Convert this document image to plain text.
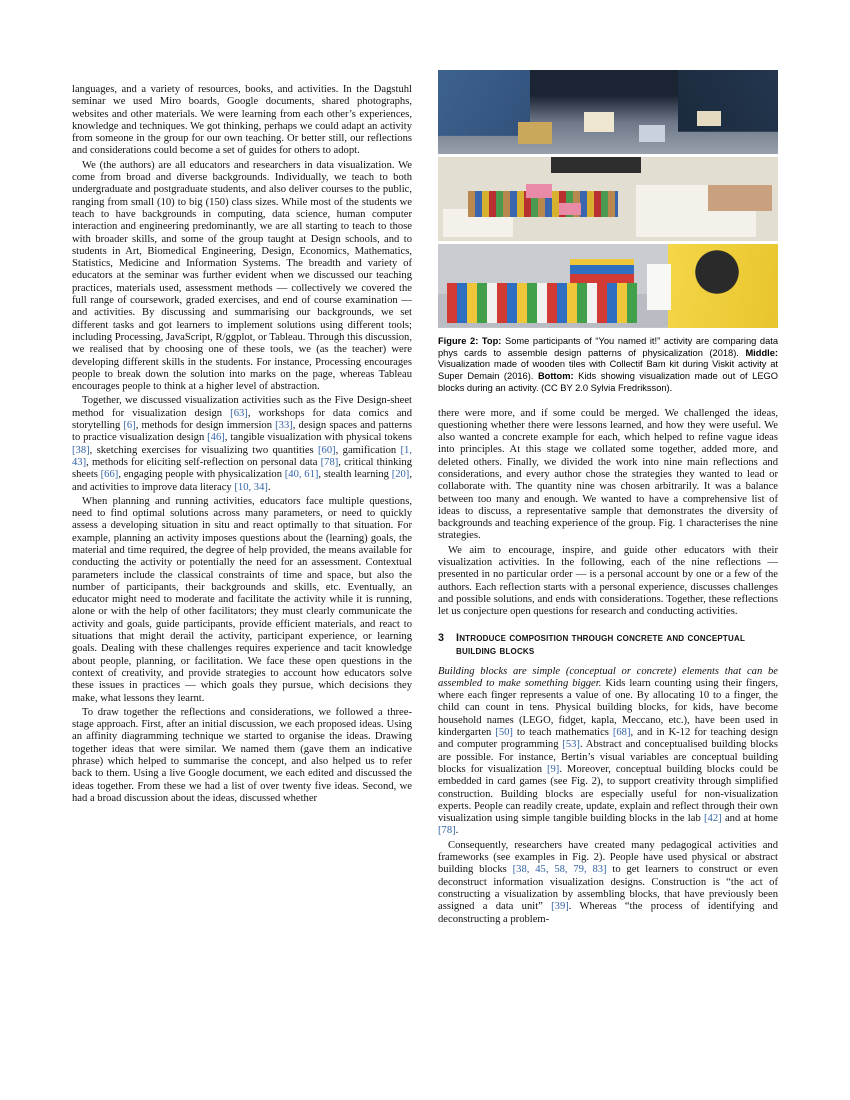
languages, and a variety of resources, books, and activities. In the Dagstuhl seminar we used Miro boards, Google documents, shared photographs, websites and other materials. We were learning from each other’s experiences, knowledge and techniques. We got thinking, perhaps we could adapt an activity from someone in the group for our own teaching. Or better still, our reflections and considerations could become a set of guides for others to adopt.

We (the authors) are all educators and researchers in data visualization. We come from broad and diverse backgrounds. Individually, we teach to both undergraduate and postgraduate students, and also deliver courses to the public, ranging from small (10) to big (150) class sizes. While most of the students we teach to have backgrounds in computing, data science, human computer interaction and engineering predominantly, we are all starting to teach to those with broader skills, and some of the group taught at Design schools, and to students in Art, Biomedical Engineering, Design, Economics, Mathematics, Statistics, Medicine and Information Systems. The breadth and variety of educators at the seminar was further evident when we discussed our teaching practices, materials used, assessment methods — collectively we covered the full range of coursework, graded exercises, and end of course examination — and activities. By discussing and summarising our backgrounds, we set different tasks and got learners to implement solutions using different tools; including Processing, JavaScript, R/ggplot, or Tableau. Through this discussion, we realised that by choosing one of these tools, we (as the teacher) were developing different skills in the students. For instance, Processing encourages people to break down the solution into marks on the page, whereas Tableau encourages people to think at a higher level of abstraction.

Together, we discussed visualization activities such as the Five Design-sheet method for visualization design [63], workshops for data comics and storytelling [6], methods for design immersion [33], design spaces and patterns to practice visualization design [46], tangible visualization with physical tokens [38], sketching exercises for visualizing two quantities [60], gamification [1, 43], methods for eliciting self-reflection on personal data [78], critical thinking sheets [66], engaging people with physicalization [40, 61], stealth learning [20], and activities to improve data literacy [10, 34].

When planning and running activities, educators face multiple questions, need to find optimal solutions across many parameters, or need to quickly assess a developing situation in situ and react optimally to that situation. For example, planning an activity imposes questions about the (learning) goals, the material and time required, the degree of help provided, the means available for conducting the activity or potentially the need for an assessment. Contextual parameters include the classical constraints of time and space, but also the number of participants, their backgrounds and skills, etc. Eventually, an educator might need to moderate and facilitate the activity while it is running, alone or with the help of other facilitators; they must clearly communicate the activity and goals, guide participants, provide efficient materials, and react to situations that might derail the activity, participant experience, or learning goals. Dealing with these challenges requires experience and tacit knowledge about people, planning, or facilitation. We face these open questions in the context of creativity, and provide strategies to account how educators solve these issues in practices — which goals they pursue, which decisions they make, what lessons they learnt.

To draw together the reflections and considerations, we followed a three-stage approach. First, after an initial discussion, we each proposed ideas. Using an affinity diagramming technique we started to organise the ideas. Drawing together ideas that were similar. We named them (gave them an indicative phrase) which helped to summarise the concept, and also helped us to refer back to them. Using a live Google document, we each edited and discussed the ideas together. From these we had a list of over twenty five ideas. Second, we had a broad discussion about the ideas, discussed whether

Figure 2: Top: Some participants of “You named it!” activity are comparing data phys cards to assemble design patterns of physicalization (2018). Middle: Visualization made of wooden tiles with Collectif Bam kit during Viskit activity at Super Demain (2016). Bottom: Kids showing visualization made out of LEGO blocks during an activity. (CC BY 2.0 Sylvia Fredriksson).

there were more, and if some could be merged. We challenged the ideas, questioning whether there were lessons learned, and how they were useful. We also wanted a concrete example for each, which helped to refine vague ideas into principles. At this stage we collated some together, added more, and deleted others. Finally, we divided the work into nine main reflections and considerations, and every author chose the strategies they wanted to lead or collaborate with. The quantity nine was chosen arbitrarily. It was a balance between too many and enough. We wanted to have a comprehensive list of ideas to discuss, a representative sample that demonstrates the diversity of backgrounds and teaching experience of the group. Fig. 1 characterises the nine strategies.

We aim to encourage, inspire, and guide other educators with their visualization activities. In the following, each of the nine reflections — presented in no particular order — is a personal account by one or a few of the authors. Each reflection starts with a personal experience, discusses challenges and possible solutions, and ends with considerations. Together, these reflections let us conjecture open questions for research and conducting activities.

3	Introduce composition through concrete and conceptual building blocks

Building blocks are simple (conceptual or concrete) elements that can be assembled to make something bigger. Kids learn counting using their fingers, where each finger represents a value of one. By allocating 10 to a finger, the child can count in tens. Physical building blocks, for kids, have become household names (LEGO, fidget, kapla, Meccano, etc.), have been used in kindergarten [50] to teach mathematics [68], and in K-12 for teaching design and computer programming [53]. Abstract and conceptualised building blocks are possible. For instance, Bertin’s visual variables are conceptual building blocks for visualization [9]. Moreover, conceptual building blocks could be embedded in card games (see Fig. 2), to support creativity through simplified construction. Building blocks are especially useful for non-visualization experts. People can readily create, update, explain and reflect through their own visualization using simple tangible building blocks in the lab [42] and at home [78].

Consequently, researchers have created many pedagogical activities and frameworks (see examples in Fig. 2). People have used physical or abstract building blocks [38, 45, 58, 79, 83] to get learners to construct or even deconstruct information visualization designs. Construction is “the act of constructing a visualization by assembling blocks, that have previously been assigned a data unit” [39]. Whereas “the process of identifying and deconstructing a problem-
